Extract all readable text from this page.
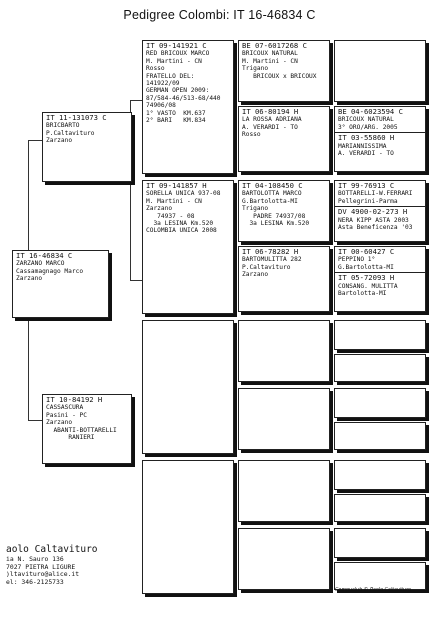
Pedigree Colombi: IT 16-46834 C
IT 16-46834 C
ZARZANO MARCO
Cassamagnago Marco
Zarzano
IT 11-131073 C
BRICBARTO
P.Caltavituro
Zarzano
IT 10-84192 H
CASSASCURA
Pasini - PC
Zarzano
ABANTI-BOTTARELLI
RANIERI
IT 09-141921 C
RED BRICOUX MARCO
M. Martini - CN
Rosso
FRATELLO DEL:
141922/09
GERMAN OPEN 2009:
87/584-46/513-68/440
74906/08
1° VASTO  KM.637
2° BARI   KM.834
IT 09-141857 H
SORELLA UNICA 937-08
M. Martini - CN
Zarzano
74937 - 08
3a LESINA Km.520
COLOMBIA UNICA 2008
BE 07-6017268 C
BRICOUX NATURAL
M. Martini - CN
Trigano
BRICOUX x BRICOUX
IT 06-80194 H
LA ROSSA ADRIANA
A. VERARDI - TO
Rosso
IT 04-108450 C
BARTOLOTTA MARCO
G.Bartolotta-MI
Trigano
PADRE 74937/08
3a LESINA Km.520
IT 06-78282 H
BARTOMULITTA 282
P.Caltavituro
Zarzano
BE 04-6023594 C
BRICOUX NATURAL
3° ORO/ARG. 2005
IT 03-55860 H
MARIANNISSIMA
A. VERARDI - TO
IT 99-76913 C
BOTTARELLI-W.FERRARI
Pellegrini-Parma
DV 4900-02-273 H
NERA KIPP ASTA 2003
Asta Beneficenza '03
IT 00-60427 C
PEPPINO 1°
G.Bartolotta-MI
IT 05-72093 H
CONSANG. MULITTA
Bartolotta-MI
aolo Caltavituro
ia N. Sauro 136
7027 PIETRA LIGURE
)ltavituro@alice.it
el: 346-2125733
Compuclub © Paolo Caltavituro
